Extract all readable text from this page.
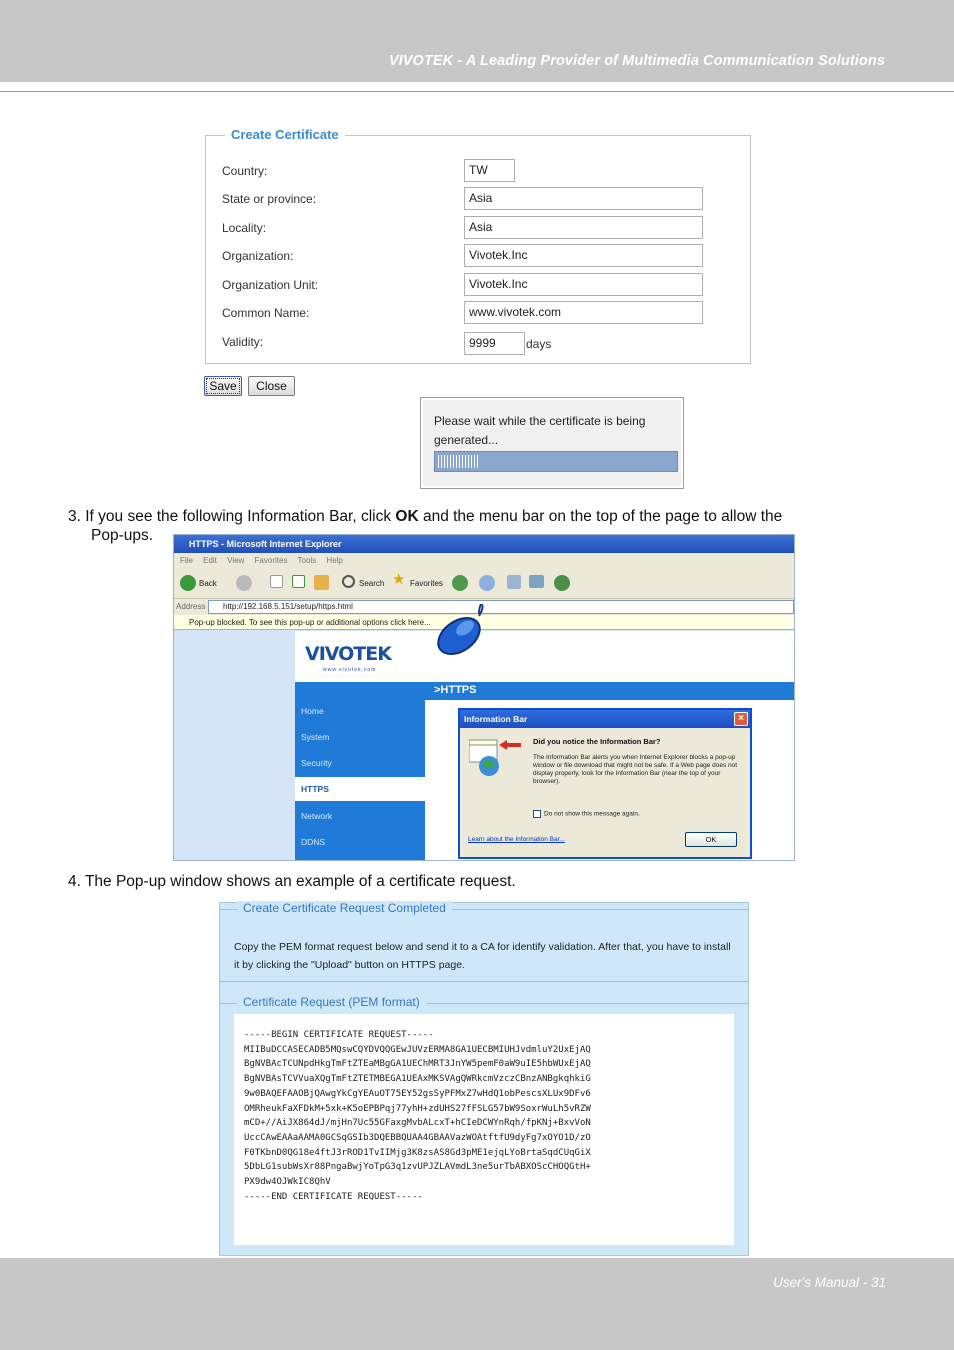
VIVOTEK - A Leading Provider of Multimedia Communication Solutions
Create Certificate
Country:	TW
State or province:	Asia
Locality:	Asia
Organization:	Vivotek.Inc
Organization Unit:	Vivotek.Inc
Common Name:	www.vivotek.com
Validity:	9999	days
Save	Close
Please wait while the certificate is being generated...
3. If you see the following Information Bar, click OK and the menu bar on the top of the page to allow the
Pop-ups.	HTTPS - Microsoft Internet Explorer
File Edit View Favorites Tools Help
Back	Search ★ Favorites
Address	http://192.168.5.151/setup/https.html
Pop-up blocked. To see this pop-up or additional options click here...
VIVOTEK
www.vivotek.com
Home
System
Security
HTTPS
Network
DDNS
>HTTPS
Information Bar	×
Did you notice the Information Bar?
The Information Bar alerts you when Internet Explorer blocks a pop-up window or file download that might not be safe. If a Web page does not display properly, look for the Information Bar (near the top of your browser).
Do not show this message again.
Learn about the Information Bar...	OK
4. The Pop-up window shows an example of a certificate request.
Create Certificate Request Completed
Copy the PEM format request below and send it to a CA for identify validation. After that, you have to install it by clicking the "Upload" button on HTTPS page.
Certificate Request (PEM format)
-----BEGIN CERTIFICATE REQUEST-----
MIIBuDCCASECADB5MQswCQYDVQQGEwJUVzERMA8GA1UECBMIUHJvdmluY2UxEjAQ
BgNVBAcTCUNpdHkgTmFtZTEaMBgGA1UEChMRT3JnYW5pemF0aW9uIE5hbWUxEjAQ
BgNVBAsTCVVuaXQgTmFtZTETMBEGA1UEAxMKSVAgQWRkcmVzczCBnzANBgkqhkiG
9w0BAQEFAAOBjQAwgYkCgYEAuOT75EY52gsSyPFMxZ7wHdQ1obPescsXLUx9DFv6
OMRheukFaXFDkM+5xk+K5oEPBPqj77yhH+zdUHS27fFSLG57bW9SoxrWuLh5vRZW
mCD+//AiJX864dJ/mjHn7Uc55GFaxgMvbALcxT+hCIeDCWYnRqh/fpKNj+BxvVoN
UccCAwEAAaAAMA0GCSqGSIb3DQEBBQUAA4GBAAVazWOAtftfU9dyFg7xOYO1D/zO
F0TKbnD0QG18e4ftJ3rROD1TvIIMjg3K8zsAS8Gd3pME1ejqLYoBrtaSqdCUqGiX
5DbLG1subWsXr88PngaBwjYoTpG3q1zvUPJZLAVmdL3ne5urTbABXOScCHOQGtH+
PX9dw4OJWkIC8QhV
-----END CERTIFICATE REQUEST-----
User's Manual - 31
